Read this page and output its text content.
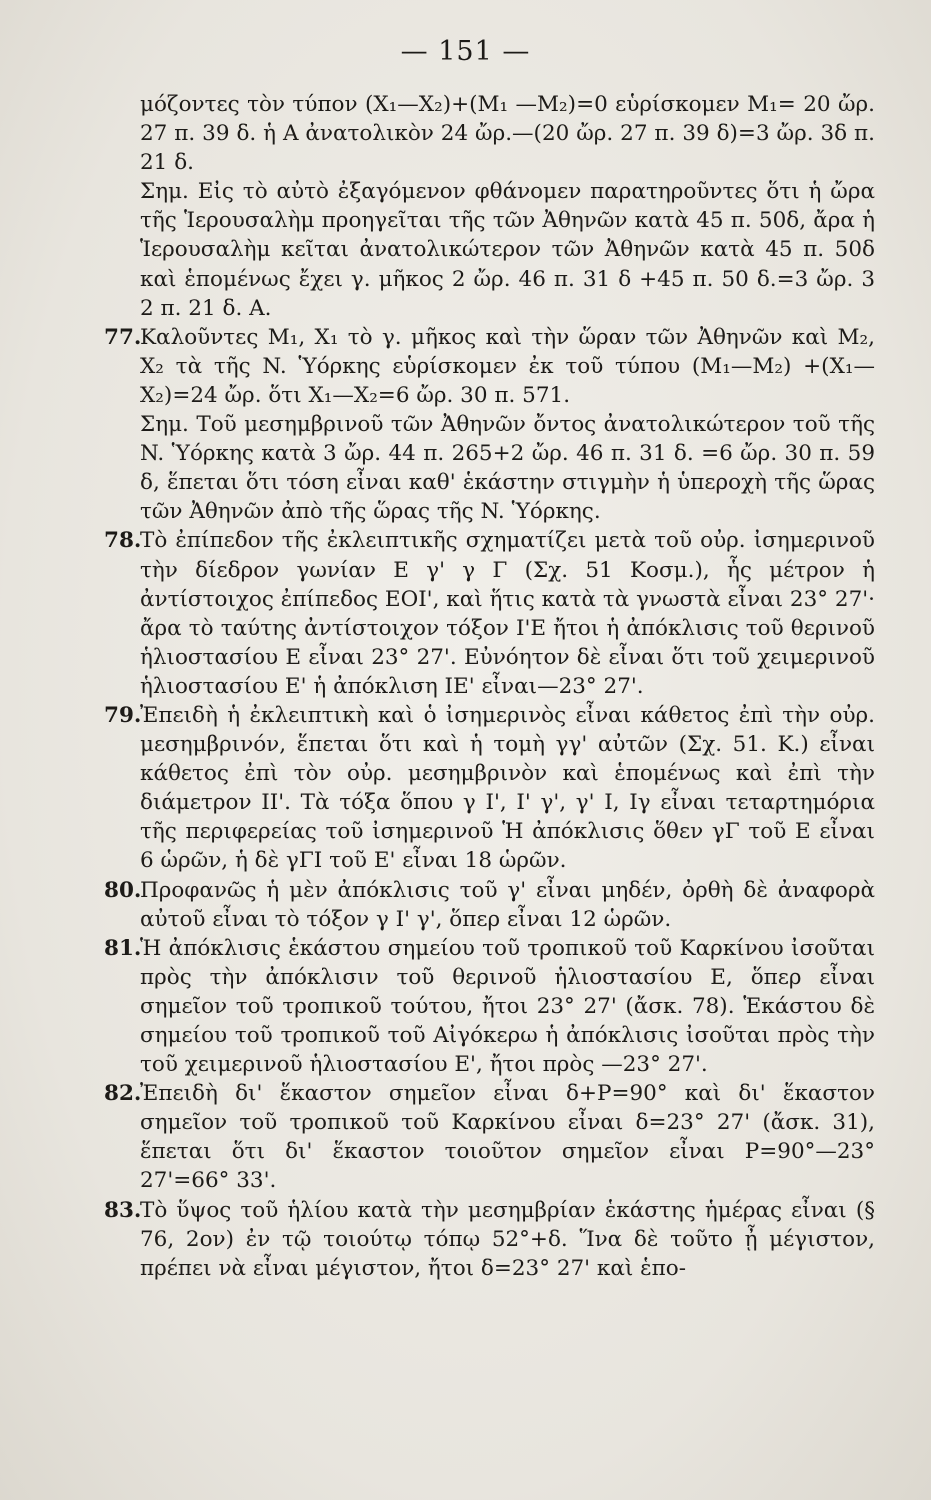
— 151 —
μόζοντες τὸν τύπον (X₁—X₂)+(M₁ —M₂)=0 εὑρίσκομεν M₁= 20 ὤρ. 27 π. 39 δ. ἡ Α ἀνατολικὸν 24 ὤρ.—(20 ὤρ. 27 π. 39 δ)=3 ὤρ. 3δ π. 21 δ.
Σημ. Εἰς τὸ αὐτὸ ἐξαγόμενον φθάνομεν παρατηροῦντες ὅτι ἡ ὤρα τῆς Ἱερουσαλὴμ προηγεῖται τῆς τῶν Ἀθηνῶν κατὰ 45 π. 50δ, ἄρα ἡ Ἱερουσαλὴμ κεῖται ἀνατολικώτερον τῶν Ἀθηνῶν κατὰ 45 π. 50δ καὶ ἑπομένως ἔχει γ. μῆκος 2 ὤρ. 46 π. 31 δ +45 π. 50 δ.=3 ὤρ. 3 2 π. 21 δ. A.
77.
Καλοῦντες M₁, X₁ τὸ γ. μῆκος καὶ τὴν ὥραν τῶν Ἀθηνῶν καὶ M₂, X₂ τὰ τῆς N. Ὑόρκης εὑρίσκομεν ἐκ τοῦ τύπου (M₁—M₂) +(X₁—X₂)=24 ὤρ. ὅτι X₁—X₂=6 ὤρ. 30 π. 571.
Σημ. Τοῦ μεσημβρινοῦ τῶν Ἀθηνῶν ὄντος ἀνατολικώτερον τοῦ τῆς N. Ὑόρκης κατὰ 3 ὤρ. 44 π. 265+2 ὤρ. 46 π. 31 δ. =6 ὤρ. 30 π. 59 δ, ἕπεται ὅτι τόση εἶναι καθ' ἑκάστην στιγμὴν ἡ ὑπεροχὴ τῆς ὥρας τῶν Ἀθηνῶν ἀπὸ τῆς ὥρας τῆς N. Ὑόρκης.
78.
Τὸ ἐπίπεδον τῆς ἐκλειπτικῆς σχηματίζει μετὰ τοῦ οὐρ. ἰσημερινοῦ τὴν δίεδρον γωνίαν E γ' γ Γ (Σχ. 51 Κοσμ.), ἧς μέτρον ἡ ἀντίστοιχος ἐπίπεδος ΕΟΙ', καὶ ἥτις κατὰ τὰ γνωστὰ εἶναι 23° 27'· ἄρα τὸ ταύτης ἀντίστοιχον τόξον Ι'Ε ἤτοι ἡ ἀπόκλισις τοῦ θερινοῦ ἡλιοστασίου Ε εἶναι 23° 27'. Εὐνόητον δὲ εἶναι ὅτι τοῦ χειμερινοῦ ἡλιοστασίου Ε' ἡ ἀπόκλιση ΙΕ' εἶναι—23° 27'.
79.
Ἐπειδὴ ἡ ἐκλειπτικὴ καὶ ὁ ἰσημερινὸς εἶναι κάθετος ἐπὶ τὴν οὐρ. μεσημβρινόν, ἕπεται ὅτι καὶ ἡ τομὴ γγ' αὐτῶν (Σχ. 51. Κ.) εἶναι κάθετος ἐπὶ τὸν οὐρ. μεσημβρινὸν καὶ ἑπομένως καὶ ἐπὶ τὴν διάμετρον ΙΙ'. Τὰ τόξα ὅπου γ Ι', Ι' γ', γ' Ι, Ιγ εἶναι τεταρτημόρια τῆς περιφερείας τοῦ ἰσημερινοῦ Ἡ ἀπόκλισις ὅθεν γΓ τοῦ Ε εἶναι 6 ὡρῶν, ἡ δὲ γΓΙ τοῦ Ε' εἶναι 18 ὡρῶν.
80.
Προφανῶς ἡ μὲν ἀπόκλισις τοῦ γ' εἶναι μηδέν, ὀρθὴ δὲ ἀναφορὰ αὐτοῦ εἶναι τὸ τόξον γ Ι' γ', ὅπερ εἶναι 12 ὡρῶν.
81.
Ἡ ἀπόκλισις ἑκάστου σημείου τοῦ τροπικοῦ τοῦ Καρκίνου ἰσοῦται πρὸς τὴν ἀπόκλισιν τοῦ θερινοῦ ἡλιοστασίου Ε, ὅπερ εἶναι σημεῖον τοῦ τροπικοῦ τούτου, ἤτοι 23° 27' (ἄσκ. 78). Ἑκάστου δὲ σημείου τοῦ τροπικοῦ τοῦ Αἰγόκερω ἡ ἀπόκλισις ἰσοῦται πρὸς τὴν τοῦ χειμερινοῦ ἡλιοστασίου Ε', ἤτοι πρὸς —23° 27'.
82.
Ἐπειδὴ δι' ἕκαστον σημεῖον εἶναι δ+P=90° καὶ δι' ἕκαστον σημεῖον τοῦ τροπικοῦ τοῦ Καρκίνου εἶναι δ=23° 27' (ἄσκ. 31), ἕπεται ὅτι δι' ἕκαστον τοιοῦτον σημεῖον εἶναι P=90°—23° 27'=66° 33'.
83.
Τὸ ὕψος τοῦ ἡλίου κατὰ τὴν μεσημβρίαν ἑκάστης ἡμέρας εἶναι (§ 76, 2ον) ἐν τῷ τοιούτῳ τόπῳ 52°+δ. Ἵνα δὲ τοῦτο ᾖ μέγιστον, πρέπει νὰ εἶναι μέγιστον, ἤτοι δ=23° 27' καὶ ἑπο-
